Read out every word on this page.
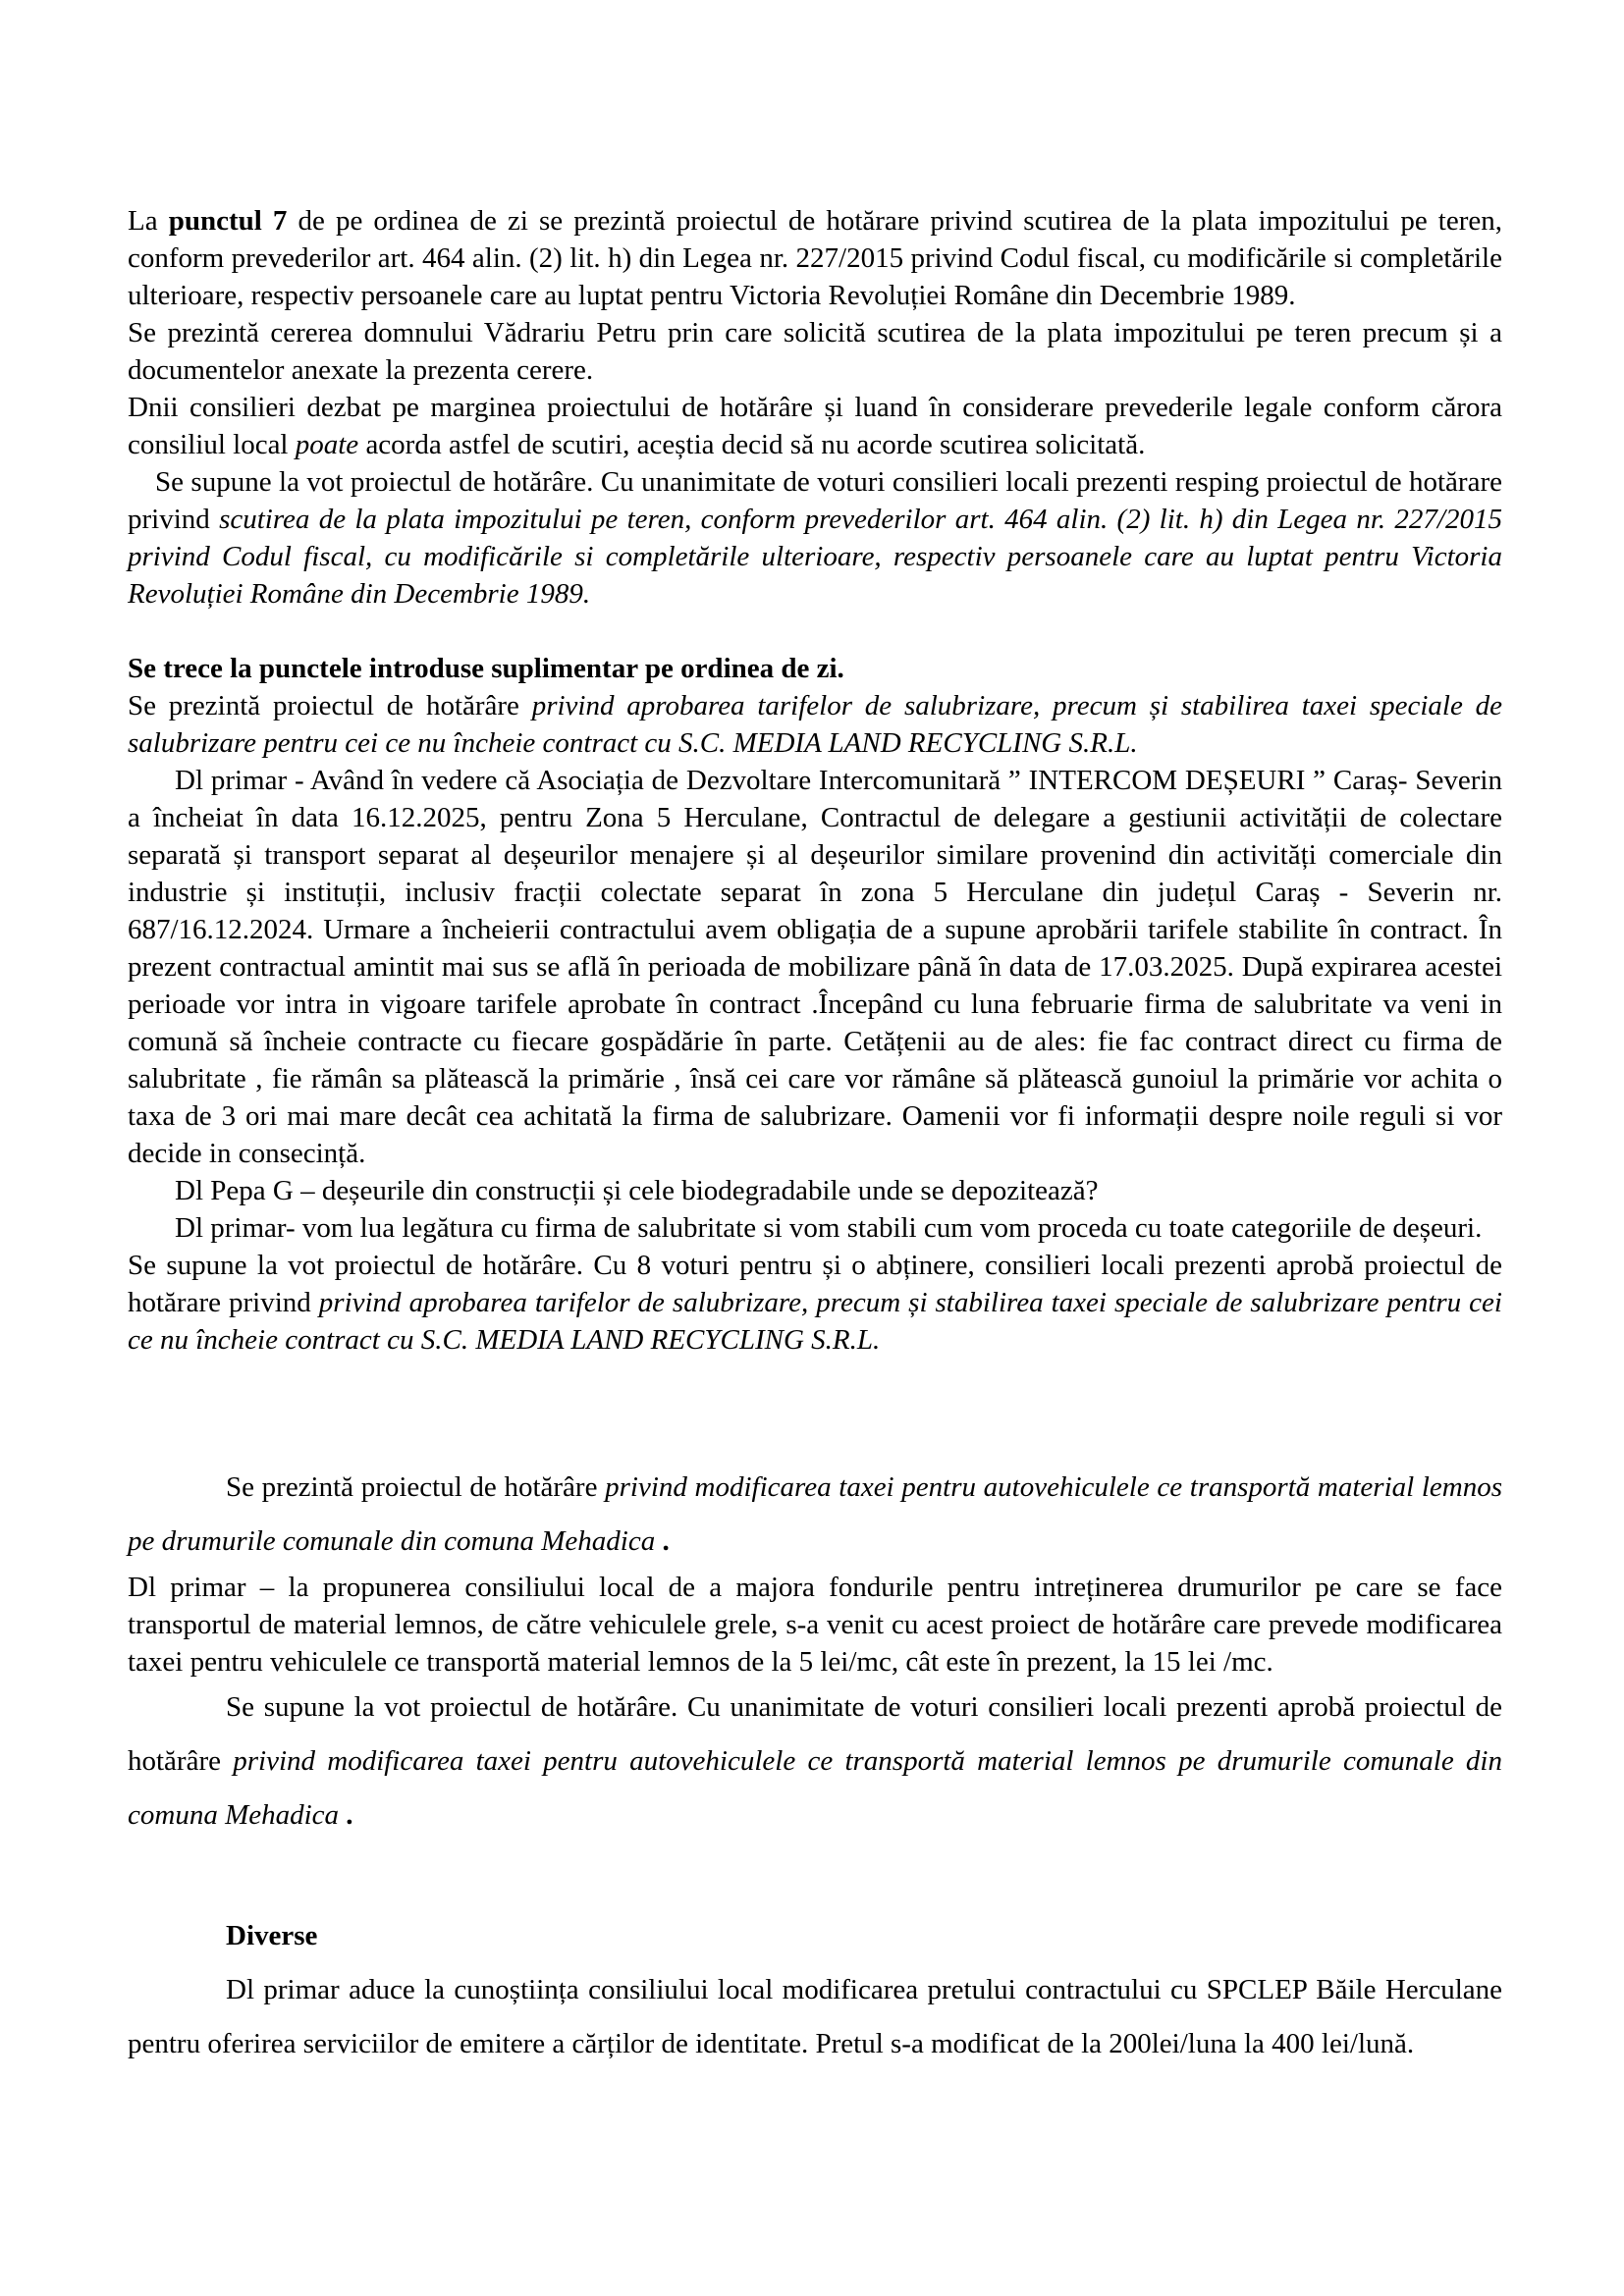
La punctul 7 de pe ordinea de zi se prezintă proiectul de hotărare privind scutirea de la plata impozitului pe teren, conform prevederilor art. 464 alin. (2) lit. h) din Legea nr. 227/2015 privind Codul fiscal, cu modificările si completările ulterioare, respectiv persoanele care au luptat pentru Victoria Revoluției Române din Decembrie 1989.

Se prezintă cererea domnului Vădrariu Petru prin care solicită scutirea de la plata impozitului pe teren precum și a documentelor anexate la prezenta cerere.

Dnii consilieri dezbat pe marginea proiectului de hotărâre și luand în considerare prevederile legale conform cărora consiliul local poate acorda astfel de scutiri, aceștia decid să nu acorde scutirea solicitată.

Se supune la vot proiectul de hotărâre. Cu unanimitate de voturi consilieri locali prezenti resping proiectul de hotărare privind scutirea de la plata impozitului pe teren, conform prevederilor art. 464 alin. (2) lit. h) din Legea nr. 227/2015 privind Codul fiscal, cu modificările si completările ulterioare, respectiv persoanele care au luptat pentru Victoria Revoluției Române din Decembrie 1989.

Se trece la punctele introduse suplimentar pe ordinea de zi.

Se prezintă proiectul de hotărâre privind aprobarea tarifelor de salubrizare, precum și stabilirea taxei speciale de salubrizare pentru cei ce nu încheie contract cu S.C. MEDIA LAND RECYCLING S.R.L.

Dl primar - Având în vedere că Asociația de Dezvoltare Intercomunitară ” INTERCOM DEȘEURI ” Caraș- Severin a încheiat în data 16.12.2025, pentru Zona 5 Herculane, Contractul de delegare a gestiunii activității de colectare separată și transport separat al deșeurilor menajere și al deșeurilor similare provenind din activități comerciale din industrie și instituții, inclusiv fracții colectate separat în zona 5 Herculane din județul Caraș - Severin nr. 687/16.12.2024. Urmare a încheierii contractului avem obligația de a supune aprobării tarifele stabilite în contract. În prezent contractual amintit mai sus se află în perioada de mobilizare până în data de 17.03.2025. După expirarea acestei perioade vor intra in vigoare tarifele aprobate în contract .Începând cu luna februarie firma de salubritate va veni in comună să încheie contracte cu fiecare gospădărie în parte. Cetățenii au de ales: fie fac contract direct cu firma de salubritate , fie rămân sa plătească la primărie , însă cei care vor rămâne să plătească gunoiul la primărie vor achita o taxa de 3 ori mai mare decât cea achitată la firma de salubrizare. Oamenii vor fi informații despre noile reguli si vor decide in consecință.

Dl Pepa G – deșeurile din construcții și cele biodegradabile unde se depozitează?

Dl primar- vom lua legătura cu firma de salubritate si vom stabili cum vom proceda cu toate categoriile de deșeuri.

Se supune la vot proiectul de hotărâre. Cu 8 voturi pentru și o abținere, consilieri locali prezenti aprobă proiectul de hotărare privind privind aprobarea tarifelor de salubrizare, precum și stabilirea taxei speciale de salubrizare pentru cei ce nu încheie contract cu S.C. MEDIA LAND RECYCLING S.R.L.

Se prezintă proiectul de hotărâre privind modificarea taxei pentru autovehiculele ce transportă material lemnos pe drumurile comunale din comuna Mehadica .

Dl primar – la propunerea consiliului local de a majora fondurile pentru intreținerea drumurilor pe care se face transportul de material lemnos, de către vehiculele grele, s-a venit cu acest proiect de hotărâre care prevede modificarea taxei pentru vehiculele ce transportă material lemnos de la 5 lei/mc, cât este în prezent, la 15 lei /mc.

Se supune la vot proiectul de hotărâre. Cu unanimitate de voturi consilieri locali prezenti aprobă proiectul de hotărâre privind modificarea taxei pentru autovehiculele ce transportă material lemnos pe drumurile comunale din comuna Mehadica .

Diverse

Dl primar aduce la cunoștiința consiliului local modificarea pretului contractului cu SPCLEP Băile Herculane pentru oferirea serviciilor de emitere a cărților de identitate. Pretul s-a modificat de la 200lei/luna la 400 lei/lună.
